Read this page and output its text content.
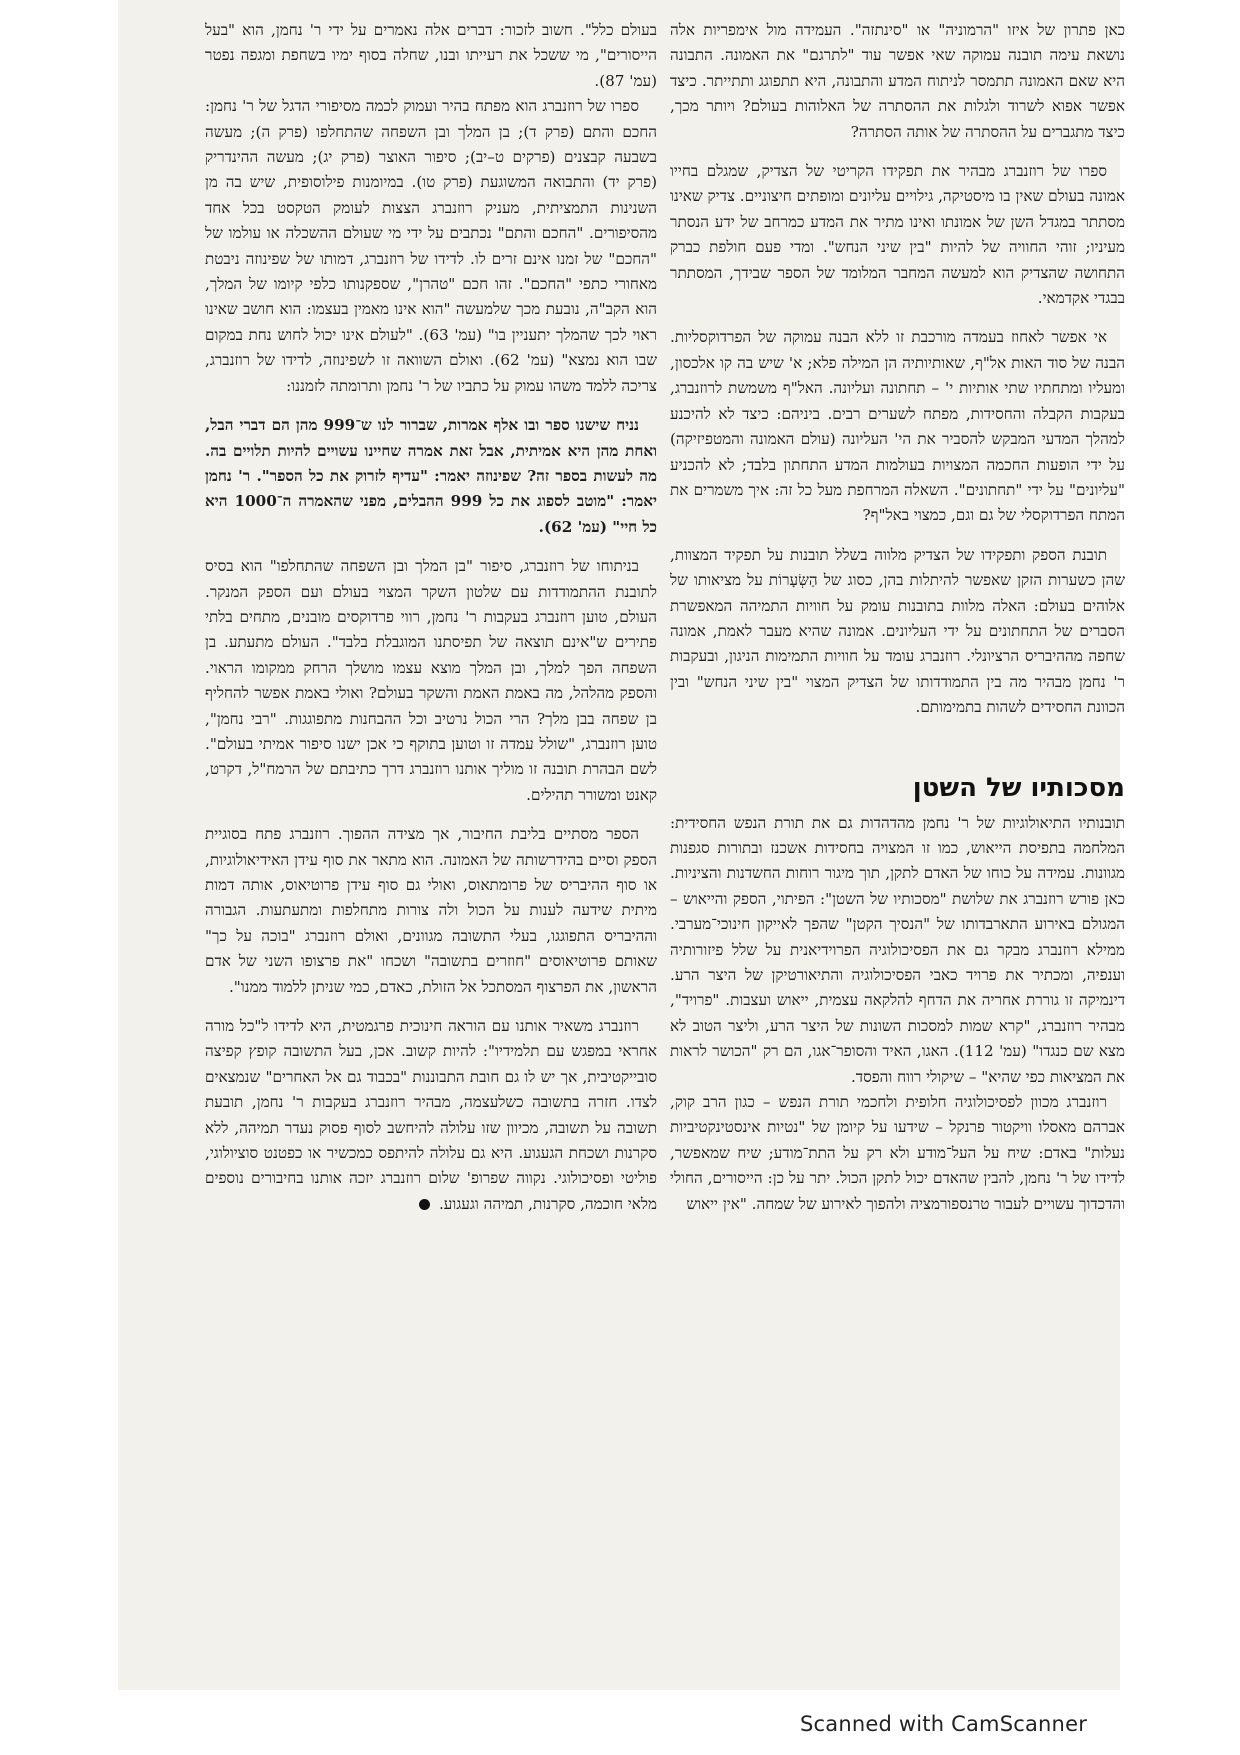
כאן פתרון של איזו "הרמוניה" או "סינתזה". העמידה מול אימפריות אלה נושאת עימה תובנה עמוקה שאי אפשר עוד "לתרגם" את האמונה. התבונה היא שאם האמונה תתמסר לניתוח המדע והתבונה, היא תתפוגג ותתייתר. כיצד אפשר אפוא לשרוד ולגלות את ההסתרה של האלוהות בעולם? ויותר מכך, כיצד מתגברים על ההסתרה של אותה הסתרה?

ספרו של רוזנברג מבהיר את תפקידו הקריטי של הצדיק, שמגלם בחייו אמונה בעולם שאין בו מיסטיקה, גילויים עליונים ומופתים חיצוניים. צדיק שאינו מסתתר במגדל השן של אמונתו ואינו מתיר את המדע כמרחב של ידע הנסתר מעיניו; זוהי החוויה של להיות "בין שיני הנחש". ומדי פעם חולפת כברק התחושה שהצדיק הוא למעשה המחבר המלומד של הספר שבידך, המסתתר בבגדי אקדמאי.

אי אפשר לאחוז בעמדה מורכבת זו ללא הבנה עמוקה של הפרדוקסליות. הבנה של סוד האות אל"ף, שאותיותיה הן המילה פלא; א' שיש בה קו אלכסון, ומעליו ומתחתיו שתי אותיות י' – תחתונה ועליונה. האל"ף משמשת לרוזנברג, בעקבות הקבלה והחסידות, מפתח לשערים רבים. ביניהם: כיצד לא להיכנע למהלך המדעי המבקש להסביר את הי' העליונה (עולם האמונה והמטפיזיקה) על ידי הופעות החכמה המצויות בעולמות המדע התחתון בלבד; לא להכניע "עליונים" על ידי "תחתונים". השאלה המרחפת מעל כל זה: איך משמרים את המתח הפרדוקסלי של גם וגם, כמצוי באל"ף?

תובנת הספק ותפקידו של הצדיק מלווה בשלל תובנות על תפקיד המצוות, שהן כשערות הזקן שאפשר להיתלות בהן, כסוג של הַשְּׂעָרוֹת על מציאותו של אלוהים בעולם: האלה מלוות בתובנות עומק על חוויות התמיהה המאפשרת הסברים של התחתונים על ידי העליונים. אמונה שהיא מעבר לאמת, אמונה שחפה מההיבריס הרציונלי. רוזנברג עומד על חוויות התמימות הניגון, ובעקבות ר' נחמן מבהיר מה בין התמודדותו של הצדיק המצוי "בין שיני הנחש" ובין הכוונת החסידים לשהות בתמימותם.

מסכותיו של השטן

תובנותיו התיאולוגיות של ר' נחמן מהדהדות גם את תורת הנפש החסידית: המלחמה בתפיסת הייאוש, כמו זו המצויה בחסידות אשכנז ובתורות סגפנות מגוונות. עמידה על כוחו של האדם לתקן, תוך מיגור רוחות החשדנות והציניות. כאן פורש רוזנברג את שלושת "מסכותיו של השטן": הפיתוי, הספק והייאוש – המגולם באירוע התארבדותו של "הנסיך הקטן" שהפך לאייקון חינוכי־מערבי. ממילא רוזנברג מבקר גם את הפסיכולוגיה הפרוידיאנית על שלל פיזורותיה וענפיה, ומכתיר את פרויד כאבי הפסיכולוגיה והתיאורטיקן של היצר הרע. דינמיקה זו גוררת אחריה את הדחף להלקאה עצמית, ייאוש ועצבות. "פרויד", מבהיר רוזנברג, "קרא שמות למסכות השונות של היצר הרע, וליצר הטוב לא מצא שם כנגדו" (עמ' 112). האגו, האיד והסופר־אגו, הם רק "הכושר לראות את המציאות כפי שהיא" – שיקולי רווח והפסד.

רוזנברג מכוון לפסיכולוגיה חלופית ולחכמי תורת הנפש – כגון הרב קוק, אברהם מאסלו וויקטור פרנקל – שידעו על קיומן של "נטיות אינסטינקטיביות נעלות" באדם: שיח על העל־מודע ולא רק על התת־מודע; שיח שמאפשר, לדידו של ר' נחמן, להבין שהאדם יכול לתקן הכול. יתר על כן: הייסורים, החולי והדכדוך עשויים לעבור טרנספורמציה ולהפוך לאירוע של שמחה. "אין ייאוש

בעולם כלל". חשוב לזכור: דברים אלה נאמרים על ידי ר' נחמן, הוא "בעל הייסורים", מי ששכל את רעייתו ובנו, שחלה בסוף ימיו בשחפת ומגפה נפטר (עמ' 87).

ספרו של רוזנברג הוא מפתח בהיר ועמוק לכמה מסיפורי הדגל של ר' נחמן: החכם והתם (פרק ד); בן המלך ובן השפחה שהתחלפו (פרק ה); מעשה בשבעה קבצנים (פרקים ט–יב); סיפור האוצר (פרק יג); מעשה ההינדריק (פרק יד) והתבואה המשוגעת (פרק טו). במיומנות פילוסופית, שיש בה מן השנינות התמציתית, מעניק רוזנברג הצצות לעומק הטקסט בכל אחד מהסיפורים. "החכם והתם" נכתבים על ידי מי שעולם ההשכלה או עולמו של "החכם" של זמנו אינם זרים לו. לדידו של רוזנברג, דמותו של שפינוזה ניבטת מאחורי כתפי "החכם". זהו חכם "טהרן", שספקנותו כלפי קיומו של המלך, הוא הקב"ה, נובעת מכך שלמעשה "הוא אינו מאמין בעצמו: הוא חושב שאינו ראוי לכך שהמלך יתעניין בו" (עמ' 63). "לעולם אינו יכול לחוש נחת במקום שבו הוא נמצא" (עמ' 62). ואולם השוואה זו לשפינוזה, לדידו של רוזנברג, צריכה ללמד משהו עמוק על כתביו של ר' נחמן ותרומתה לזמננו:

נניח שישנו ספר ובו אלף אמרות, שברור לנו ש־999 מהן הם דברי הבל, ואחת מהן היא אמיתית, אבל זאת אמרה שחיינו עשויים להיות תלויים בה. מה לעשות בספר זה? שפינוזה יאמר: "עדיף לזרוק את כל הספר". ר' נחמן יאמר: "מוטב לספוג את כל 999 ההבלים, מפני שהאמרה ה־1000 היא כל חיי" (עמ' 62).

בניתוחו של רוזנברג, סיפור "בן המלך ובן השפחה שהתחלפו" הוא בסיס לתובנת ההתמודדות עם שלטון השקר המצוי בעולם ועם הספק המנקר. העולם, טוען רוזנברג בעקבות ר' נחמן, רווי פרדוקסים מובנים, מתחים בלתי פתירים ש"אינם תוצאה של תפיסתנו המוגבלת בלבד". העולם מתעתע. בן השפחה הפך למלך, ובן המלך מוצא עצמו מושלך הרחק ממקומו הראוי. והספק מהלהל, מה באמת האמת והשקר בעולם? ואולי באמת אפשר להחליף בן שפחה בבן מלך? הרי הכול נרטיב וכל ההבחנות מתפוגגות. "רבי נחמן", טוען רוזנברג, "שולל עמדה זו וטוען בתוקף כי אכן ישנו סיפור אמיתי בעולם". לשם הבהרת תובנה זו מוליך אותנו רוזנברג דרך כתיבתם של הרמח"ל, דקרט, קאנט ומשורר תהילים.

הספר מסתיים בליבת החיבור, אך מצידה ההפוך. רוזנברג פתח בסוגיית הספק וסיים בהידרשותה של האמונה. הוא מתאר את סוף עידן האידיאולוגיות, או סוף ההיבריס של פרומתאוס, ואולי גם סוף עידן פרוטיאוס, אותה דמות מיתית שידעה לענות על הכול ולה צורות מתחלפות ומתעתעות. הגבורה וההיבריס התפוגגו, בעלי התשובה מגוונים, ואולם רוזנברג "בוכה על כך" שאותם פרוטיאוסים "חוזרים בתשובה" ושכחו "את פרצופו השני של אדם הראשון, את הפרצוף המסתכל אל הזולת, כאדם, כמי שניתן ללמוד ממנו".

רוזנברג משאיר אותנו עם הוראה חינוכית פרגמטית, היא לדידו ל"כל מורה אחראי במפגש עם תלמידיו": להיות קשוב. אכן, בעל התשובה קופץ קפיצה סובייקטיבית, אך יש לו גם חובת התבוננות "בכבוד גם אל האחרים" שנמצאים לצדו. חזרה בתשובה כשלעצמה, מבהיר רוזנברג בעקבות ר' נחמן, תובעת תשובה על תשובה, מכיוון שזו עלולה להיחשב לסוף פסוק נעדר תמיהה, ללא סקרנות ושכחת הגעגוע. היא גם עלולה להיתפס כמכשיר או כפטנט סוציולוגי, פוליטי ופסיכולוגי. נקווה שפרופ' שלום רוזנברג יזכה אותנו בחיבורים נוספים מלאי חוכמה, סקרנות, תמיהה וגעגוע.

Scanned with CamScanner
